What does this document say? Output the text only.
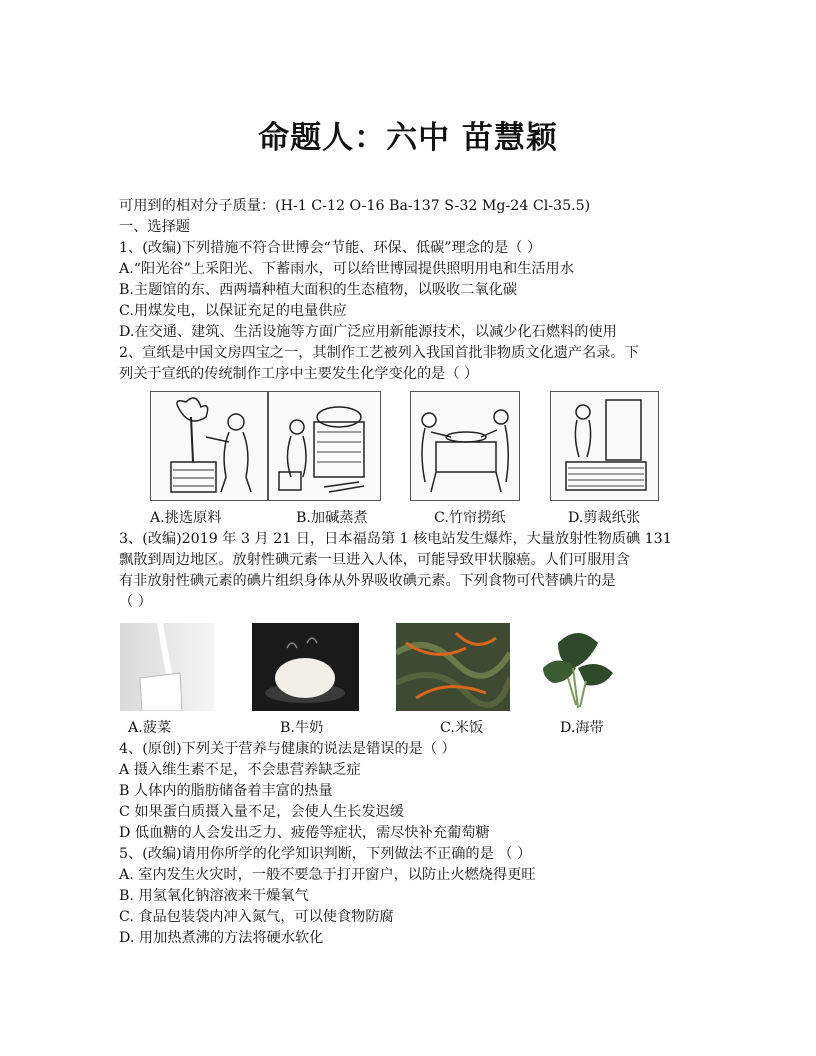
命题人：六中 苗慧颖
可用到的相对分子质量：(H-1 C-12 O-16 Ba-137 S-32 Mg-24 Cl-35.5)
一、选择题
1、(改编)下列措施不符合世博会“节能、环保、低碳”理念的是（ ）
A.“阳光谷”上采阳光、下蓄雨水，可以给世博园提供照明用电和生活用水
B.主题馆的东、西两墙种植大面积的生态植物，以吸收二氧化碳
C.用煤发电，以保证充足的电量供应
D.在交通、建筑、生活设施等方面广泛应用新能源技术，以减少化石燃料的使用
2、宣纸是中国文房四宝之一，其制作工艺被列入我国首批非物质文化遗产名录。下
列关于宣纸的传统制作工序中主要发生化学变化的是（ ）
A.挑选原料	B.加碱蒸煮	C.竹帘捞纸	D.剪裁纸张
3、(改编)2019 年 3 月 21 日，日本福岛第 1 核电站发生爆炸，大量放射性物质碘 131
飘散到周边地区。放射性碘元素一旦进入人体，可能导致甲状腺癌。人们可服用含
有非放射性碘元素的碘片组织身体从外界吸收碘元素。下列食物可代替碘片的是
（ ）
A.菠菜	B.牛奶	C.米饭	D.海带
4、(原创)下列关于营养与健康的说法是错误的是（ ）
A 摄入维生素不足，不会患营养缺乏症
B 人体内的脂肪储备着丰富的热量
C 如果蛋白质摄入量不足，会使人生长发迟缓
D 低血糖的人会发出乏力、疲倦等症状，需尽快补充葡萄糖
5、(改编)请用你所学的化学知识判断，下列做法不正确的是 （ ）
A. 室内发生火灾时，一般不要急于打开窗户，以防止火燃烧得更旺
B. 用氢氧化钠溶液来干燥氧气
C. 食品包装袋内冲入氮气，可以使食物防腐
D. 用加热煮沸的方法将硬水软化
